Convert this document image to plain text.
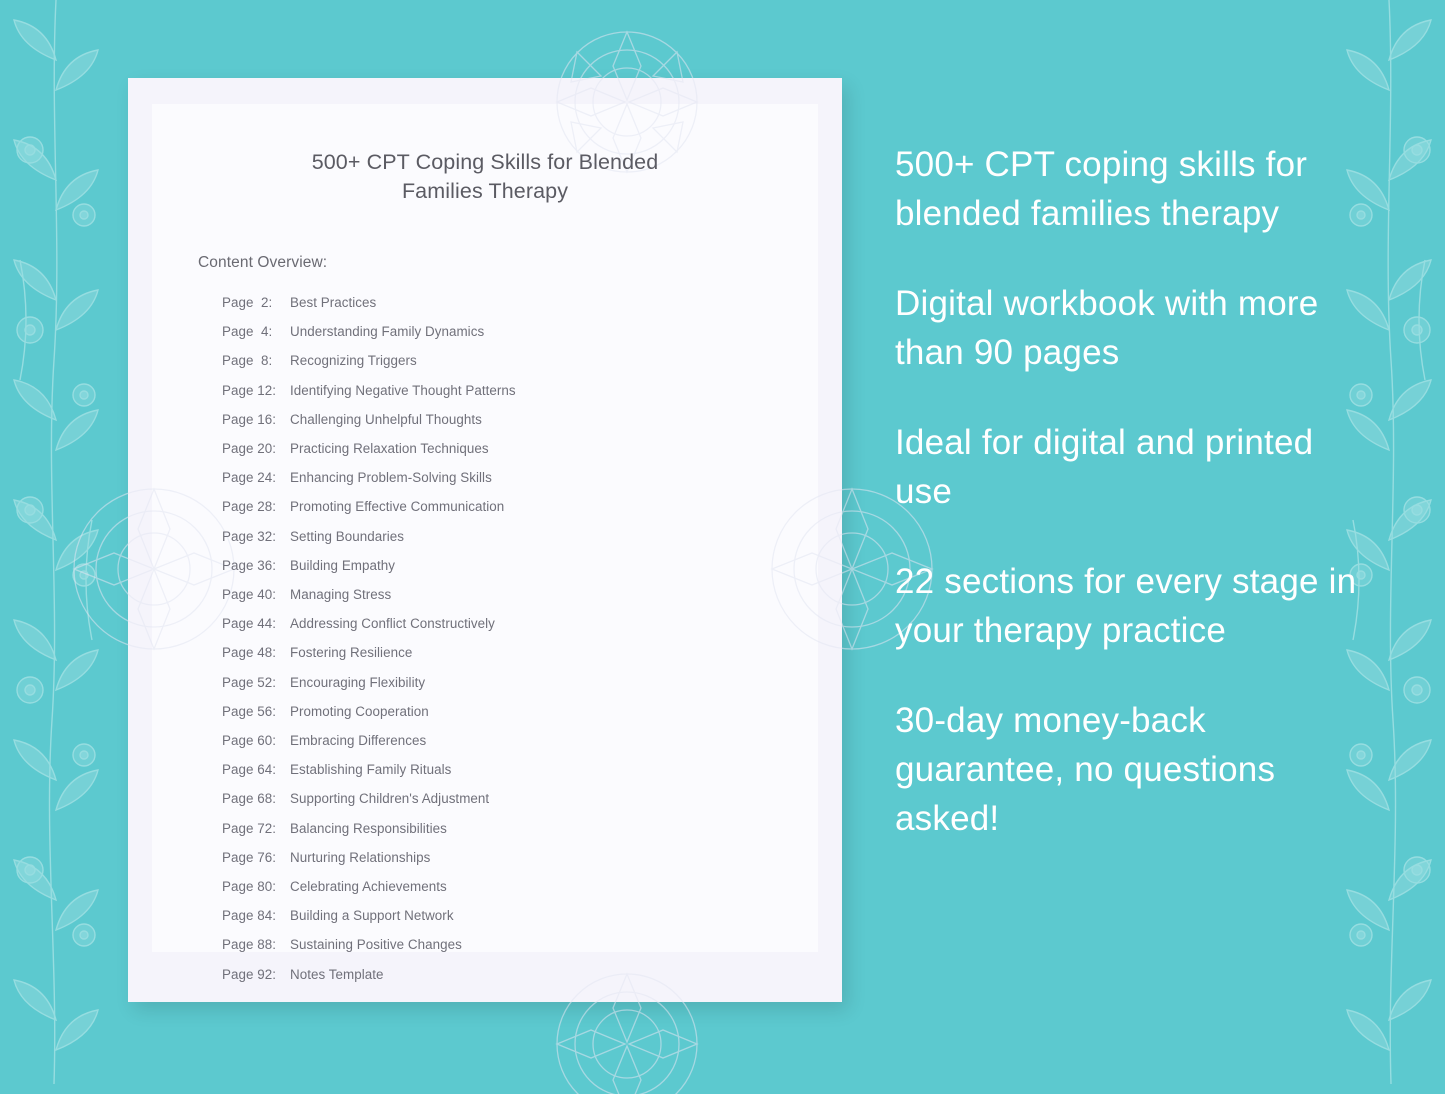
500+ CPT Coping Skills for Blended Families Therapy
Content Overview:
Page  2:	Best Practices
Page  4:	Understanding Family Dynamics
Page  8:	Recognizing Triggers
Page 12:	Identifying Negative Thought Patterns
Page 16:	Challenging Unhelpful Thoughts
Page 20:	Practicing Relaxation Techniques
Page 24:	Enhancing Problem-Solving Skills
Page 28:	Promoting Effective Communication
Page 32:	Setting Boundaries
Page 36:	Building Empathy
Page 40:	Managing Stress
Page 44:	Addressing Conflict Constructively
Page 48:	Fostering Resilience
Page 52:	Encouraging Flexibility
Page 56:	Promoting Cooperation
Page 60:	Embracing Differences
Page 64:	Establishing Family Rituals
Page 68:	Supporting Children's Adjustment
Page 72:	Balancing Responsibilities
Page 76:	Nurturing Relationships
Page 80:	Celebrating Achievements
Page 84:	Building a Support Network
Page 88:	Sustaining Positive Changes
Page 92:	Notes Template

500+ CPT coping skills for blended families therapy

Digital workbook with more than 90 pages

Ideal for digital and printed use

22 sections for every stage in your therapy practice

30-day money-back guarantee, no questions asked!
